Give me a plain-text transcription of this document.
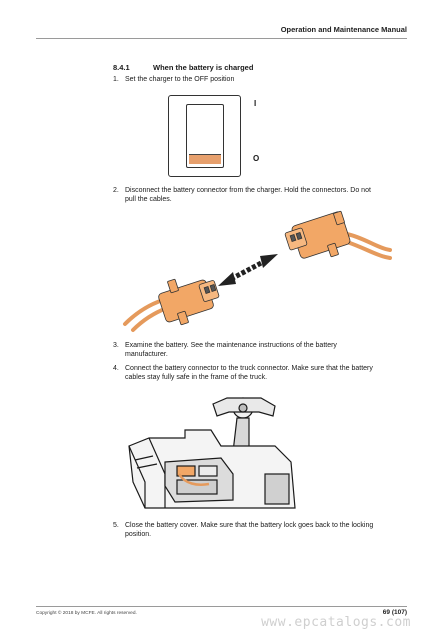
Operation and Maintenance Manual
8.4.1	When the battery is charged
1. Set the charger to the OFF position
I
O
2. Disconnect the battery connector from the charger. Hold the connectors. Do not pull the cables.
3. Examine the battery. See the maintenance instructions of the battery manufacturer.
4. Connect the battery connector to the truck connector. Make sure that the battery cables stay fully safe in the frame of the truck.
5. Close the battery cover. Make sure that the battery lock goes back to the locking position.
Copyright © 2018 by MCFE. All rights reserved.	69 (107)
www.epcatalogs.com
